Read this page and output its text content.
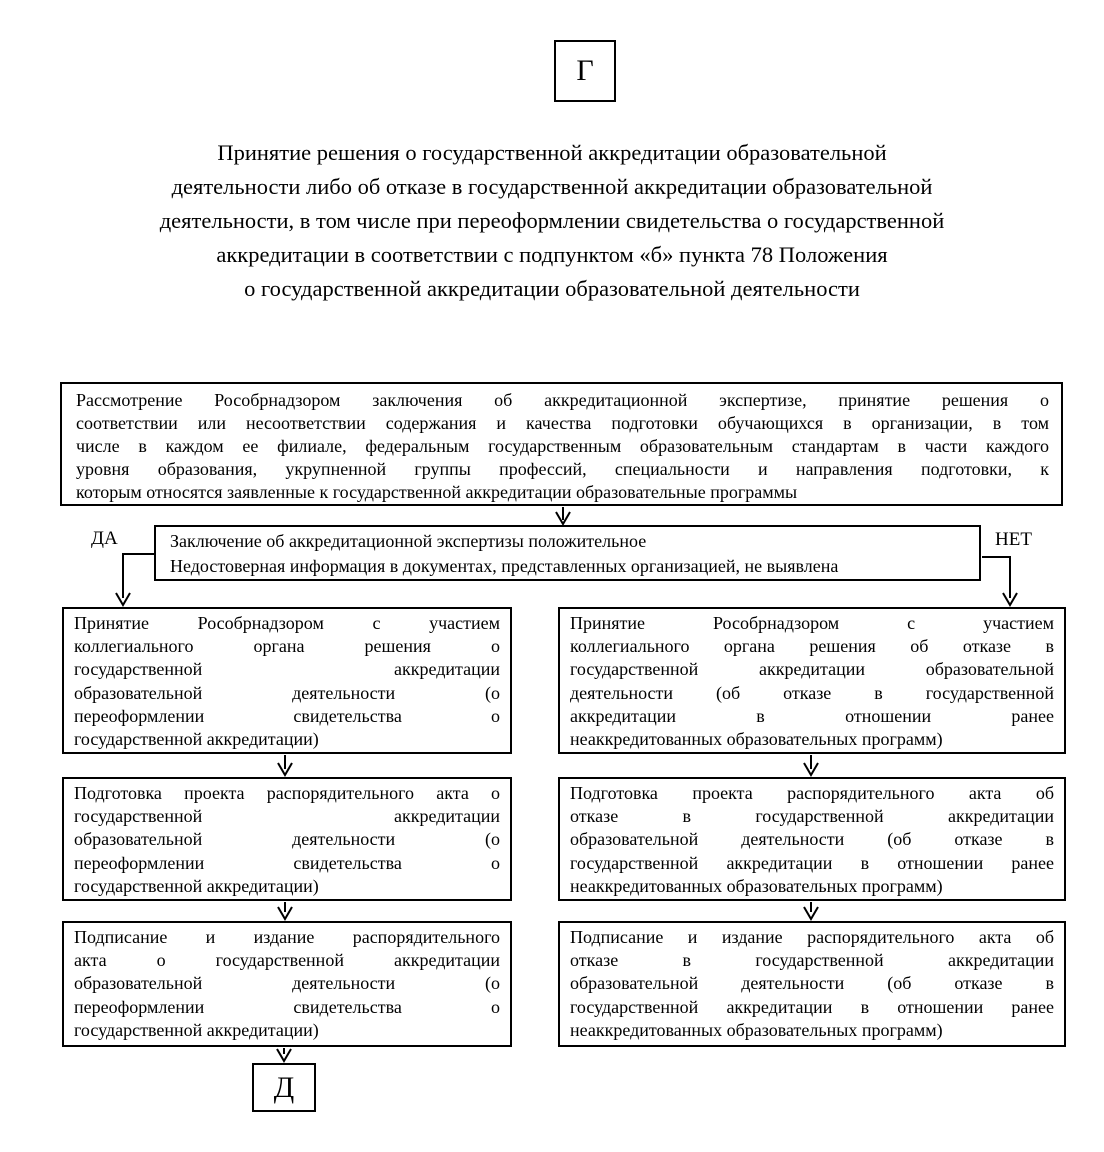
Г
Принятие решения о государственной аккредитации образовательной
деятельности либо об отказе в государственной аккредитации образовательной
деятельности, в том числе при переоформлении свидетельства о государственной
аккредитации в соответствии с подпунктом «б» пункта 78 Положения
о государственной аккредитации образовательной деятельности
Рассмотрение Рособрнадзором заключения об аккредитационной экспертизе, принятие решения о
соответствии или несоответствии содержания и качества подготовки обучающихся в организации, в том
числе в каждом ее филиале, федеральным государственным образовательным стандартам в части каждого
уровня образования, укрупненной группы профессий, специальности и направления подготовки, к
которым относятся заявленные к государственной аккредитации образовательные программы
Заключение об аккредитационной экспертизы положительное
Недостоверная информация в документах, представленных организацией, не выявлена
ДА	НЕТ
Принятие Рособрнадзором с участием
коллегиального органа решения о
государственной аккредитации
образовательной деятельности (о
переоформлении свидетельства о
государственной аккредитации)
Подготовка проекта распорядительного акта о
государственной аккредитации
образовательной деятельности (о
переоформлении свидетельства о
государственной аккредитации)
Подписание и издание распорядительного
акта о государственной аккредитации
образовательной деятельности (о
переоформлении свидетельства о
государственной аккредитации)
Принятие Рособрнадзором с участием
коллегиального органа решения об отказе в
государственной аккредитации образовательной
деятельности (об отказе в государственной
аккредитации в отношении ранее
неаккредитованных образовательных программ)
Подготовка проекта распорядительного акта об
отказе в государственной аккредитации
образовательной деятельности (об отказе в
государственной аккредитации в отношении ранее
неаккредитованных образовательных программ)
Подписание и издание распорядительного акта об
отказе в государственной аккредитации
образовательной деятельности (об отказе в
государственной аккредитации в отношении ранее
неаккредитованных образовательных программ)
Д
